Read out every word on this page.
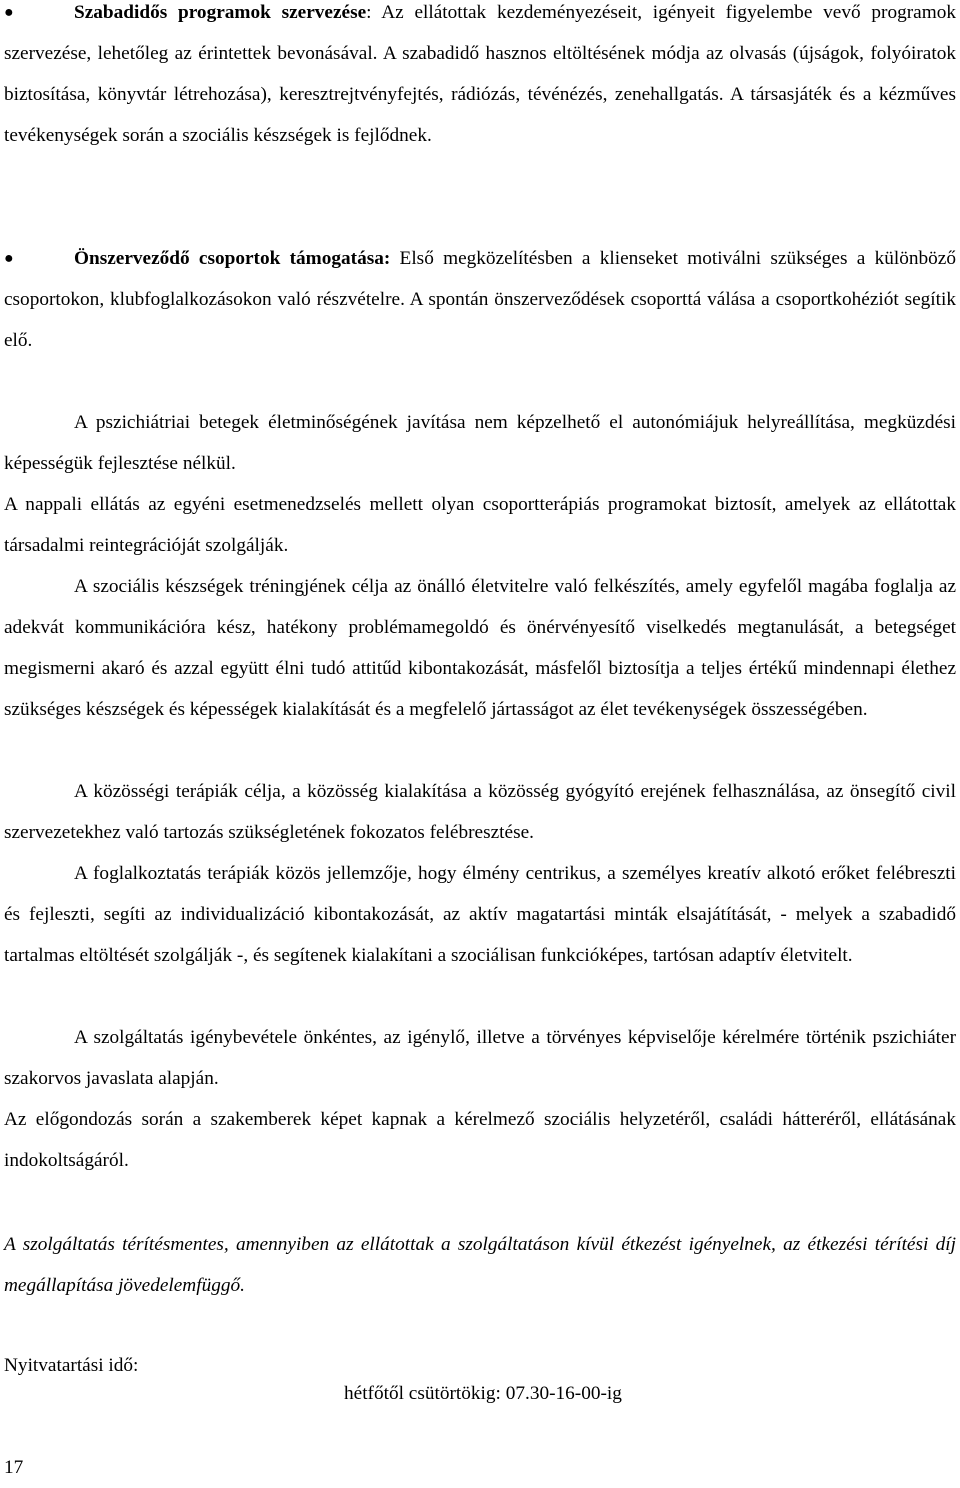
●	Szabadidős programok szervezése: Az ellátottak kezdeményezéseit, igényeit figyelembe vevő programok szervezése, lehetőleg az érintettek bevonásával. A szabadidő hasznos eltöltésének módja az olvasás (újságok, folyóiratok biztosítása, könyvtár létrehozása), keresztrejtvényfejtés, rádiózás, tévénézés, zenehallgatás. A társasjáték és a kézműves tevékenységek során a szociális készségek is fejlődnek.

●	Önszerveződő csoportok támogatása: Első megközelítésben a klienseket motiválni szükséges a különböző csoportokon, klubfoglalkozásokon való részvételre. A spontán önszerveződések csoporttá válása a csoportkohéziót segítik elő.

A pszichiátriai betegek életminőségének javítása nem képzelhető el autonómiájuk helyreállítása, megküzdési képességük fejlesztése nélkül.

A nappali ellátás az egyéni esetmenedzselés mellett olyan csoportterápiás programokat biztosít, amelyek az ellátottak társadalmi reintegrációját szolgálják.

A szociális készségek tréningjének célja az önálló életvitelre való felkészítés, amely egyfelől magába foglalja az adekvát kommunikációra kész, hatékony problémamegoldó és önérvényesítő viselkedés megtanulását, a betegséget megismerni akaró és azzal együtt élni tudó attitűd kibontakozását, másfelől biztosítja a teljes értékű mindennapi élethez szükséges készségek és képességek kialakítását és a megfelelő jártasságot az élet tevékenységek összességében.

A közösségi terápiák célja, a közösség kialakítása a közösség gyógyító erejének felhasználása, az önsegítő civil szervezetekhez való tartozás szükségletének fokozatos felébresztése.

A foglalkoztatás terápiák közös jellemzője, hogy élmény centrikus, a személyes kreatív alkotó erőket felébreszti és fejleszti, segíti az individualizáció kibontakozását, az aktív magatartási minták elsajátítását, - melyek a szabadidő tartalmas eltöltését szolgálják -, és segítenek kialakítani a szociálisan funkcióképes, tartósan adaptív életvitelt.

A szolgáltatás igénybevétele önkéntes, az igénylő, illetve a törvényes képviselője kérelmére történik pszichiáter szakorvos javaslata alapján.

Az előgondozás során a szakemberek képet kapnak a kérelmező szociális helyzetéről, családi hátteréről, ellátásának indokoltságáról.

A szolgáltatás térítésmentes, amennyiben az ellátottak a szolgáltatáson kívül étkezést igényelnek, az étkezési térítési díj megállapítása jövedelemfüggő.

Nyitvatartási idő:
hétfőtől csütörtökig: 07.30-16-00-ig
17
